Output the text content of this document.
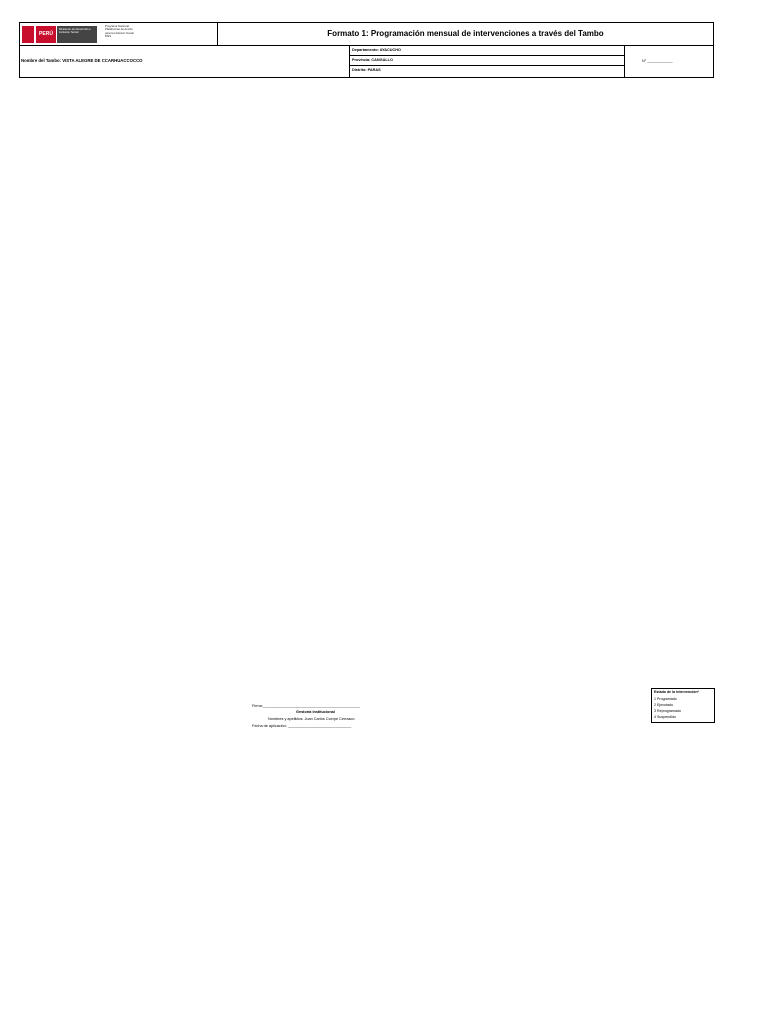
PERÚ
Ministerio de Desarrollo e Inclusión Social
Programa Nacional
Plataformas de Acción
para la Inclusión Social
PAIS	Formato 1: Programación mensual de intervenciones a través del Tambo
Nombre del Tambo: VISTA ALEGRE DE CCARHUACCOCCO
Departamento: AYACUCHO
Provincia: CANGALLO
Distrito: PARAS
N° ____________
Firma:______________________________________________
Gestoría Institucional
Nombres y apellidos: Juan Carlos Ccerpe Cerrasco
Fecha de aplicación: ______________________________
Estado de la intervención*
1 Programado
2 Ejecutado
3 Reprogramado
4 Suspendido
